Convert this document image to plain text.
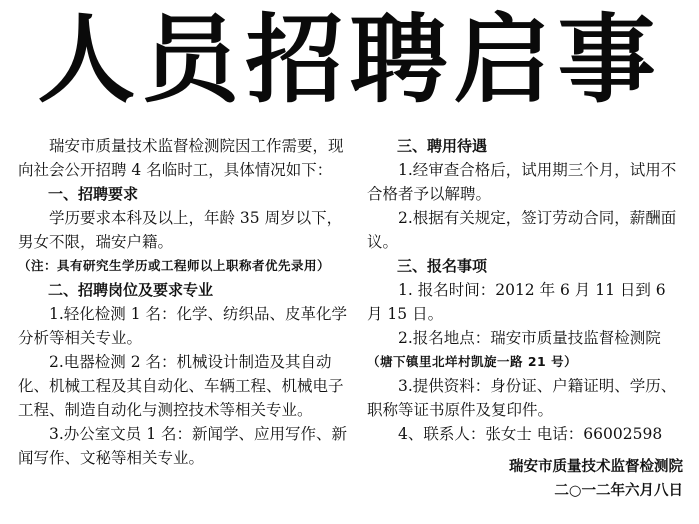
人员招聘启事

瑞安市质量技术监督检测院因工作需要，现向社会公开招聘 4 名临时工，具体情况如下：

一、招聘要求

学历要求本科及以上，年龄 35 周岁以下，男女不限，瑞安户籍。

（注：具有研究生学历或工程师以上职称者优先录用）

二、招聘岗位及要求专业

1.轻化检测 1 名：化学、纺织品、皮革化学分析等相关专业。

2.电器检测 2 名：机械设计制造及其自动化、机械工程及其自动化、车辆工程、机械电子工程、制造自动化与测控技术等相关专业。

3.办公室文员 1 名：新闻学、应用写作、新闻写作、文秘等相关专业。

三、聘用待遇

1.经审查合格后，试用期三个月，试用不合格者予以解聘。

2.根据有关规定，签订劳动合同，薪酬面议。

三、报名事项

1. 报名时间：2012 年 6 月 11 日到 6 月 15 日。

2.报名地点：瑞安市质量技监督检测院

（塘下镇里北垟村凯旋一路 21 号）

3.提供资料：身份证、户籍证明、学历、职称等证书原件及复印件。

4、联系人：张女士 电话：66002598

瑞安市质量技术监督检测院

二○一二年六月八日
